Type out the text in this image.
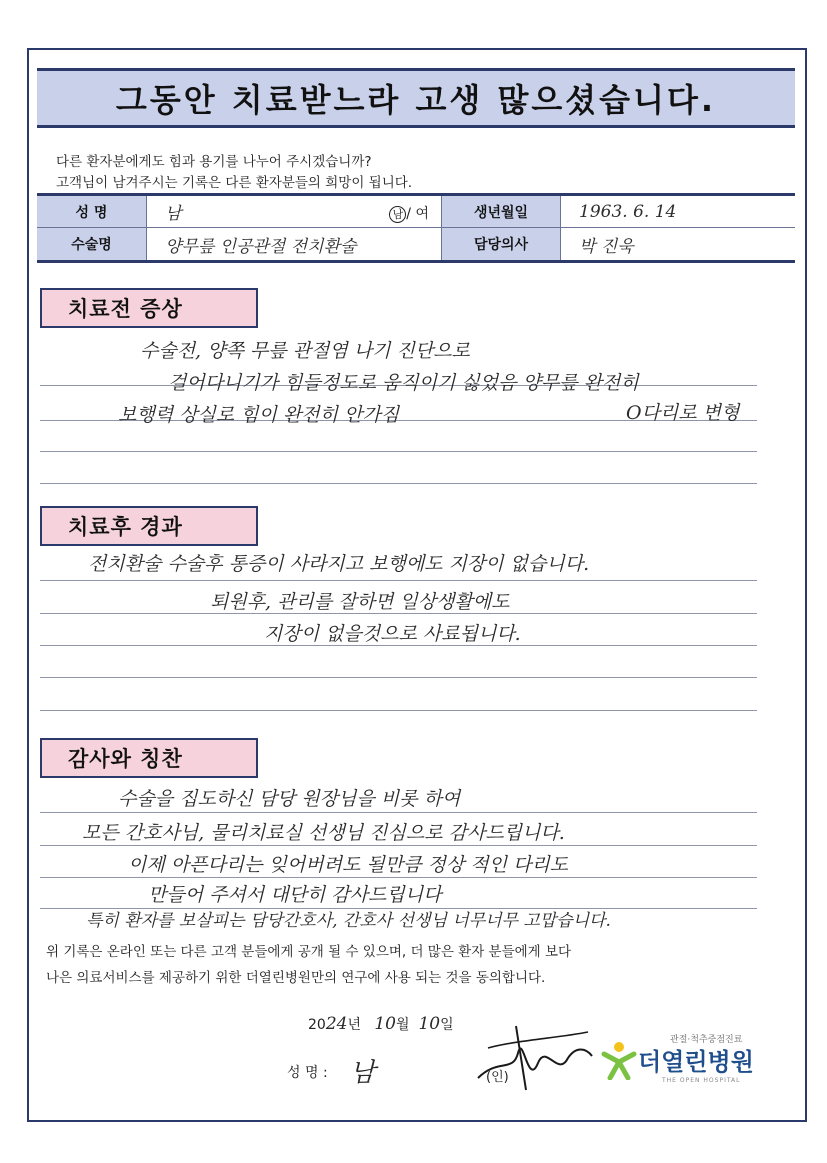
그동안 치료받느라 고생 많으셨습니다.
다른 환자분에게도 힘과 용기를 나누어 주시겠습니까?
고객님이 남겨주시는 기록은 다른 환자분들의 희망이 됩니다.
성 명	남	남 / 여	생년월일	1963. 6. 14
수술명	양무릎 인공관절 전치환술	담당의사	박 진욱
치료전 증상
수술전, 양쪽 무릎 관절염 나기 진단으로
걸어다니기가 힘들정도로 움직이기 싫었음 양무릎 완전히
보행력 상실로 힘이 완전히 안가짐	O다리로 변형
치료후 경과
전치환술 수술후 통증이 사라지고 보행에도 지장이 없습니다.
퇴원후, 관리를 잘하면 일상생활에도
지장이 없을것으로 사료됩니다.
감사와 칭찬
수술을 집도하신 담당 원장님을 비롯 하여
모든 간호사님, 물리치료실 선생님 진심으로 감사드립니다.
이제 아픈다리는 잊어버려도 될만큼 정상 적인 다리도
만들어 주셔서 대단히 감사드립니다
특히 환자를 보살피는 담당간호사, 간호사 선생님 너무너무 고맙습니다.
위 기록은 온라인 또는 다른 고객 분들에게 공개 될 수 있으며, 더 많은 환자 분들에게 보다
나은 의료서비스를 제공하기 위한 더열린병원만의 연구에 사용 되는 것을 동의합니다.
2024년 10월 10일
성 명 : 남	(인)
관절·척추중점진료
더열린병원
THE OPEN HOSPITAL
